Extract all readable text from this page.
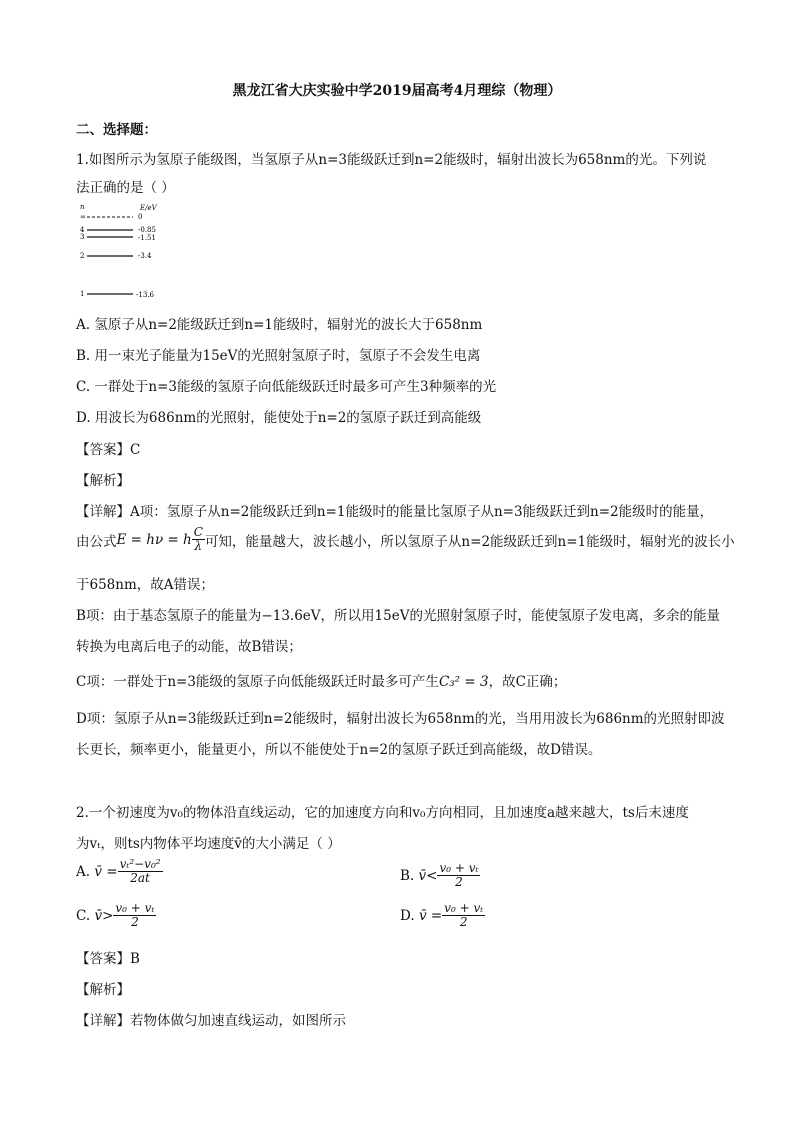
黑龙江省大庆实验中学2019届高考4月理综（物理）
二、选择题：
1.如图所示为氢原子能级图，当氢原子从n=3能级跃迁到n=2能级时，辐射出波长为658nm的光。下列说
法正确的是（ ）
n	E/eV
∞	0
4	-0.85
3	-1.51
2	-3.4
1	-13.6
A. 氢原子从n=2能级跃迁到n=1能级时，辐射光的波长大于658nm
B. 用一束光子能量为15eV的光照射氢原子时，氢原子不会发生电离
C. 一群处于n=3能级的氢原子向低能级跃迁时最多可产生3种频率的光
D. 用波长为686nm的光照射，能使处于n=2的氢原子跃迁到高能级
【答案】C
【解析】
【详解】A项：氢原子从n=2能级跃迁到n=1能级时的能量比氢原子从n=3能级跃迁到n=2能级时的能量，
由公式 E = hν = h $\frac{C}{\lambda}$ 可知，能量越大，波长越小，所以氢原子从n=2能级跃迁到n=1能级时，辐射光的波长小
于658nm，故A错误；
B项：由于基态氢原子的能量为−13.6eV，所以用15eV的光照射氢原子时，能使氢原子发电离，多余的能量
转换为电离后电子的动能，故B错误；
C项：一群处于n=3能级的氢原子向低能级跃迁时最多可产生C₃² = 3，故C正确；
D项：氢原子从n=3能级跃迁到n=2能级时，辐射出波长为658nm的光，当用用波长为686nm的光照射即波
长更长，频率更小，能量更小，所以不能使处于n=2的氢原子跃迁到高能级，故D错误。
2.一个初速度为v₀的物体沿直线运动，它的加速度方向和v₀方向相同，且加速度a越来越大，ts后末速度
为vₜ，则ts内物体平均速度v̄的大小满足（ ）
A.
v̄ = $\frac{\text{vₜ²−v₀²}}{2at}$	B.
v̄< $\frac{\text{v₀ + vₜ}}{2}$
C.
v̄> $\frac{\text{v₀ + vₜ}}{2}$	D.
v̄ = $\frac{\text{v₀ + vₜ}}{2}$
【答案】B
【解析】
【详解】若物体做匀加速直线运动，如图所示
